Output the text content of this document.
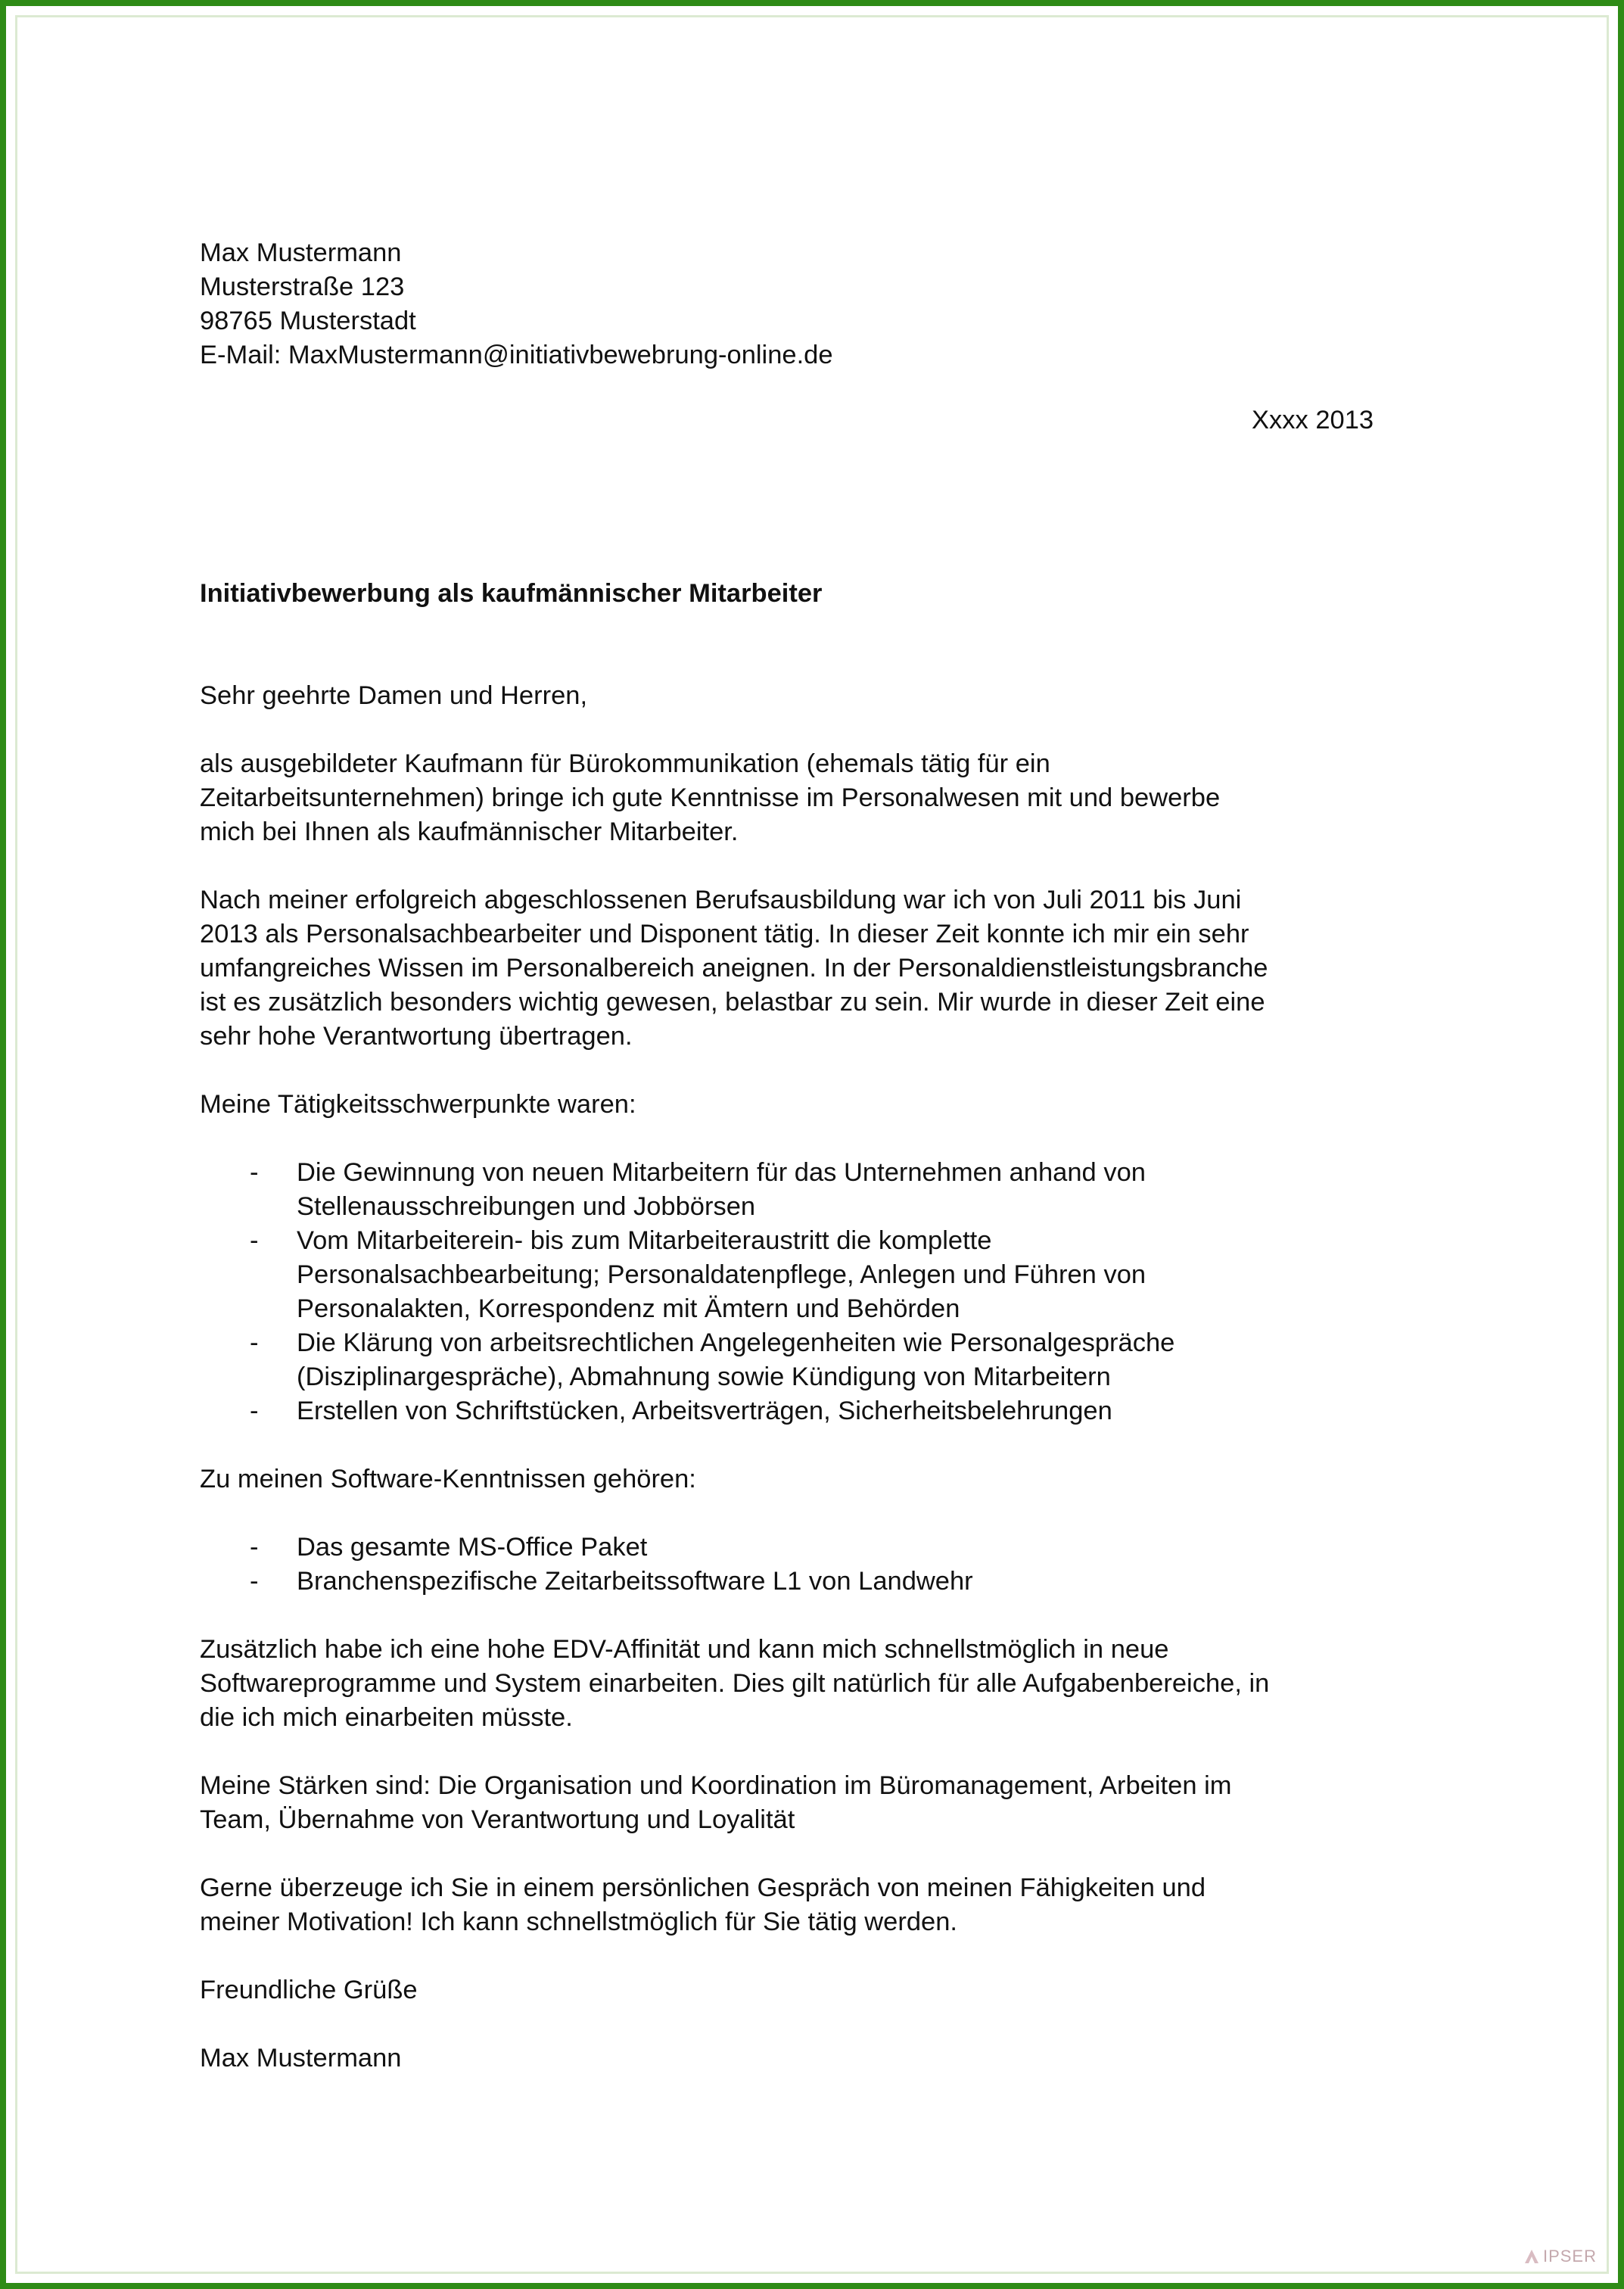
Max Mustermann
Musterstraße 123
98765 Musterstadt
E-Mail: MaxMustermann@initiativbewebrung-online.de
Xxxx 2013
Initiativbewerbung als kaufmännischer Mitarbeiter

Sehr geehrte Damen und Herren,

als ausgebildeter Kaufmann für Bürokommunikation (ehemals tätig für ein
Zeitarbeitsunternehmen) bringe ich gute Kenntnisse im Personalwesen mit und bewerbe
mich bei Ihnen als kaufmännischer Mitarbeiter.

Nach meiner erfolgreich abgeschlossenen Berufsausbildung war ich von Juli 2011 bis Juni
2013 als Personalsachbearbeiter und Disponent tätig. In dieser Zeit konnte ich mir ein sehr
umfangreiches Wissen im Personalbereich aneignen. In der Personaldienstleistungsbranche
ist es zusätzlich besonders wichtig gewesen, belastbar zu sein. Mir wurde in dieser Zeit eine
sehr hohe Verantwortung übertragen.

Meine Tätigkeitsschwerpunkte waren:

- Die Gewinnung von neuen Mitarbeitern für das Unternehmen anhand von
Stellenausschreibungen und Jobbörsen
- Vom Mitarbeiterein- bis zum Mitarbeiteraustritt die komplette
Personalsachbearbeitung; Personaldatenpflege, Anlegen und Führen von
Personalakten, Korrespondenz mit Ämtern und Behörden
- Die Klärung von arbeitsrechtlichen Angelegenheiten wie Personalgespräche
(Disziplinargespräche), Abmahnung sowie Kündigung von Mitarbeitern
- Erstellen von Schriftstücken, Arbeitsverträgen, Sicherheitsbelehrungen

Zu meinen Software-Kenntnissen gehören:

- Das gesamte MS-Office Paket
- Branchenspezifische Zeitarbeitssoftware L1 von Landwehr

Zusätzlich habe ich eine hohe EDV-Affinität und kann mich schnellstmöglich in neue
Softwareprogramme und System einarbeiten. Dies gilt natürlich für alle Aufgabenbereiche, in
die ich mich einarbeiten müsste.

Meine Stärken sind: Die Organisation und Koordination im Büromanagement, Arbeiten im
Team, Übernahme von Verantwortung und Loyalität

Gerne überzeuge ich Sie in einem persönlichen Gespräch von meinen Fähigkeiten und
meiner Motivation! Ich kann schnellstmöglich für Sie tätig werden.

Freundliche Grüße

Max Mustermann

IPSER
